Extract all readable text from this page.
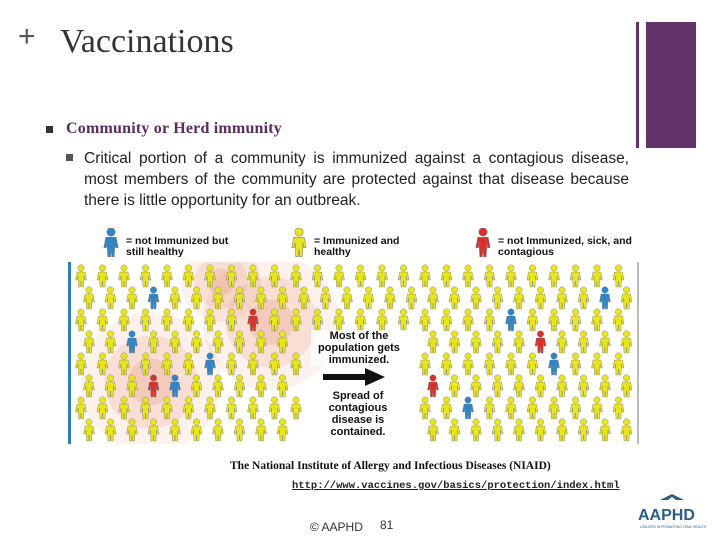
+ Vaccinations
Community or Herd immunity
Critical portion of a community is immunized against a contagious disease, most members of the community are protected against that disease because there is little opportunity for an outbreak.
= not Immunized but still healthy
= Immunized and healthy
= not Immunized, sick, and contagious
Most of the population gets immunized.
Spread of contagious disease is contained.
The National Institute of Allergy and Infectious Diseases (NIAID)
http://www.vaccines.gov/basics/protection/index.html
© AAPHD 81
AAPHD
LEADERS IN PROMOTING ORAL HEALTH
